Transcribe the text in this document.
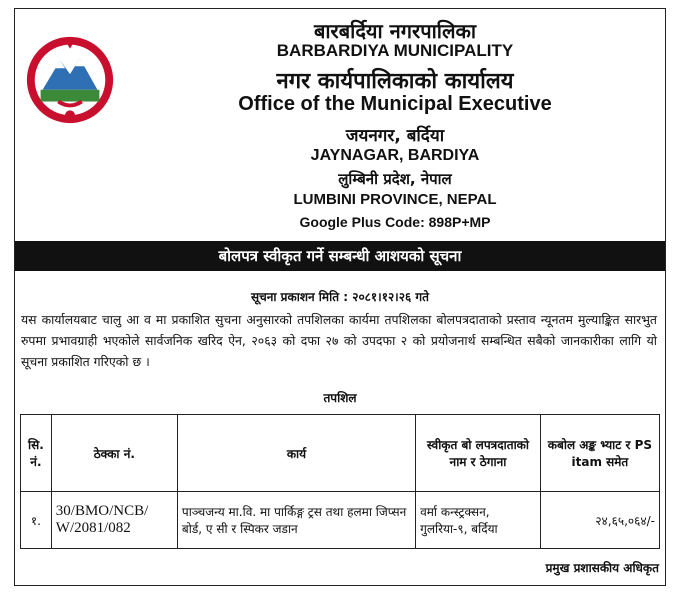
बारबर्दिया नगरपालिका
BARBARDIYA MUNICIPALITY
नगर कार्यपालिकाको कार्यालय
Office of the Municipal Executive
जयनगर, बर्दिया
JAYNAGAR, BARDIYA
लुम्बिनी प्रदेश, नेपाल
LUMBINI PROVINCE, NEPAL
Google Plus Code: 898P+MP
बोलपत्र स्वीकृत गर्ने सम्बन्धी आशयको सूचना
सूचना प्रकाशन मिति : २०८१।१२।२६ गते
यस कार्यालयबाट चालु आ व मा प्रकाशित सुचना अनुसारको तपशिलका कार्यमा तपशिलका बोलपत्रदाताको प्रस्ताव न्यूनतम मुल्याङ्कित सारभुत रुपमा प्रभावग्राही भएकोले सार्वजनिक खरिद ऐन, २०६३ को दफा २७ को उपदफा २ को प्रयोजनार्थ सम्बन्धित सबैको जानकारीका लागि यो सूचना प्रकाशित गरिएको छ ।
तपशिल
सि. नं.	ठेक्का नं.	कार्य	स्वीकृत बो लपत्रदाताको नाम र ठेगाना	कबोल अङ्क भ्याट र PS itam समेत
१.	30/BMO/NCB/ W/2081/082	पाञ्चजन्य मा.वि. मा पार्किङ्ग ट्रस तथा हलमा जिप्सन बोर्ड, ए सी र स्पिकर जडान	वर्मा कन्स्ट्रक्सन, गुलरिया-९, बर्दिया	२४,६५,०६४/-
प्रमुख प्रशासकीय अधिकृत
